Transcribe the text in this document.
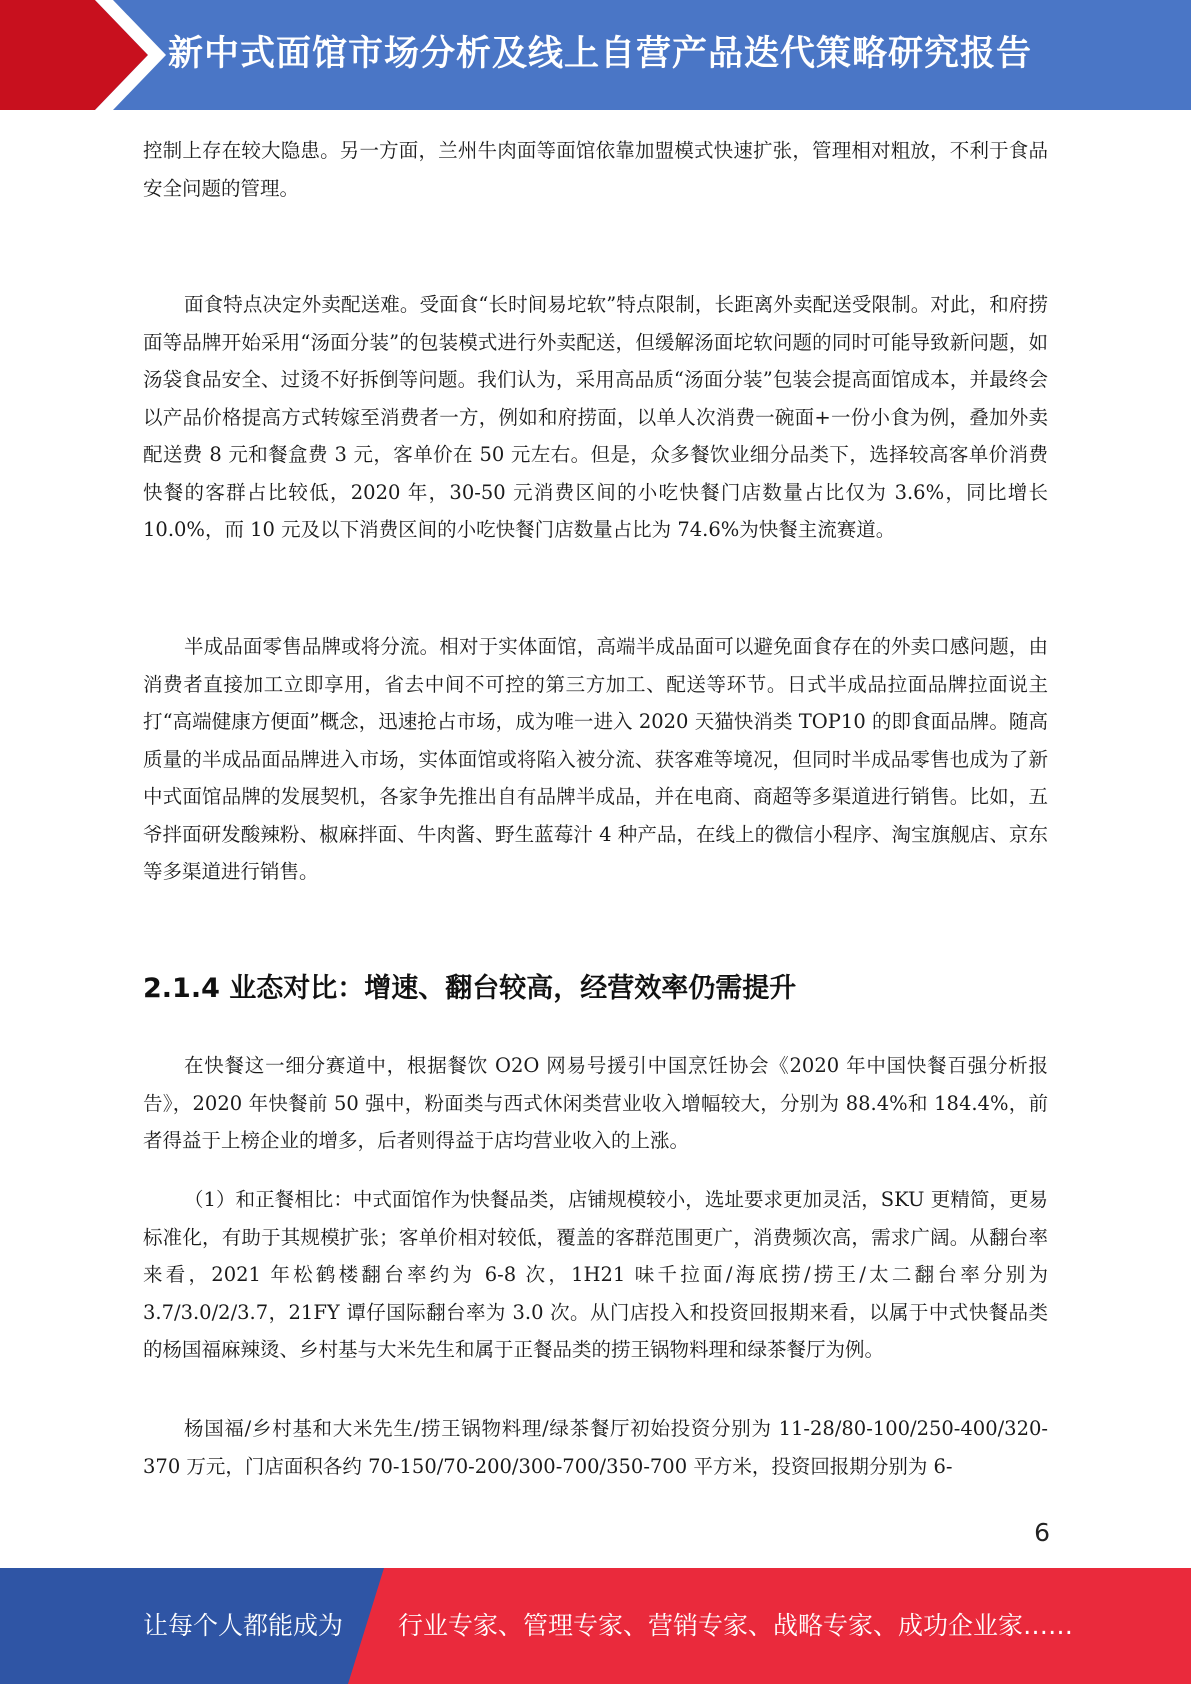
新中式面馆市场分析及线上自营产品迭代策略研究报告

控制上存在较大隐患。另一方面，兰州牛肉面等面馆依靠加盟模式快速扩张，管理相对粗放，不利于食品安全问题的管理。

面食特点决定外卖配送难。受面食“长时间易坨软”特点限制，长距离外卖配送受限制。对此，和府捞面等品牌开始采用“汤面分装”的包装模式进行外卖配送，但缓解汤面坨软问题的同时可能导致新问题，如汤袋食品安全、过烫不好拆倒等问题。我们认为，采用高品质“汤面分装”包装会提高面馆成本，并最终会以产品价格提高方式转嫁至消费者一方，例如和府捞面，以单人次消费一碗面+一份小食为例，叠加外卖配送费 8 元和餐盒费 3 元，客单价在 50 元左右。但是，众多餐饮业细分品类下，选择较高客单价消费快餐的客群占比较低，2020 年，30-50 元消费区间的小吃快餐门店数量占比仅为 3.6%，同比增长 10.0%，而 10 元及以下消费区间的小吃快餐门店数量占比为 74.6%为快餐主流赛道。

半成品面零售品牌或将分流。相对于实体面馆，高端半成品面可以避免面食存在的外卖口感问题，由消费者直接加工立即享用，省去中间不可控的第三方加工、配送等环节。日式半成品拉面品牌拉面说主打“高端健康方便面”概念，迅速抢占市场，成为唯一进入 2020 天猫快消类 TOP10 的即食面品牌。随高质量的半成品面品牌进入市场，实体面馆或将陷入被分流、获客难等境况，但同时半成品零售也成为了新中式面馆品牌的发展契机，各家争先推出自有品牌半成品，并在电商、商超等多渠道进行销售。比如，五爷拌面研发酸辣粉、椒麻拌面、牛肉酱、野生蓝莓汁 4 种产品，在线上的微信小程序、淘宝旗舰店、京东等多渠道进行销售。

2.1.4 业态对比：增速、翻台较高，经营效率仍需提升

在快餐这一细分赛道中，根据餐饮 O2O 网易号援引中国烹饪协会《2020 年中国快餐百强分析报告》，2020 年快餐前 50 强中，粉面类与西式休闲类营业收入增幅较大，分别为 88.4%和 184.4%，前者得益于上榜企业的增多，后者则得益于店均营业收入的上涨。

（1）和正餐相比：中式面馆作为快餐品类，店铺规模较小，选址要求更加灵活，SKU 更精简，更易标准化，有助于其规模扩张；客单价相对较低，覆盖的客群范围更广，消费频次高，需求广阔。从翻台率来看，2021 年松鹤楼翻台率约为 6-8 次，1H21 味千拉面/海底捞/捞王/太二翻台率分别为 3.7/3.0/2/3.7，21FY 谭仔国际翻台率为 3.0 次。从门店投入和投资回报期来看，以属于中式快餐品类的杨国福麻辣烫、乡村基与大米先生和属于正餐品类的捞王锅物料理和绿茶餐厅为例。

杨国福/乡村基和大米先生/捞王锅物料理/绿茶餐厅初始投资分别为 11-28/80-100/250-400/320-370 万元，门店面积各约 70-150/70-200/300-700/350-700 平方米，投资回报期分别为 6-

6
让每个人都能成为 行业专家、管理专家、营销专家、战略专家、成功企业家……
